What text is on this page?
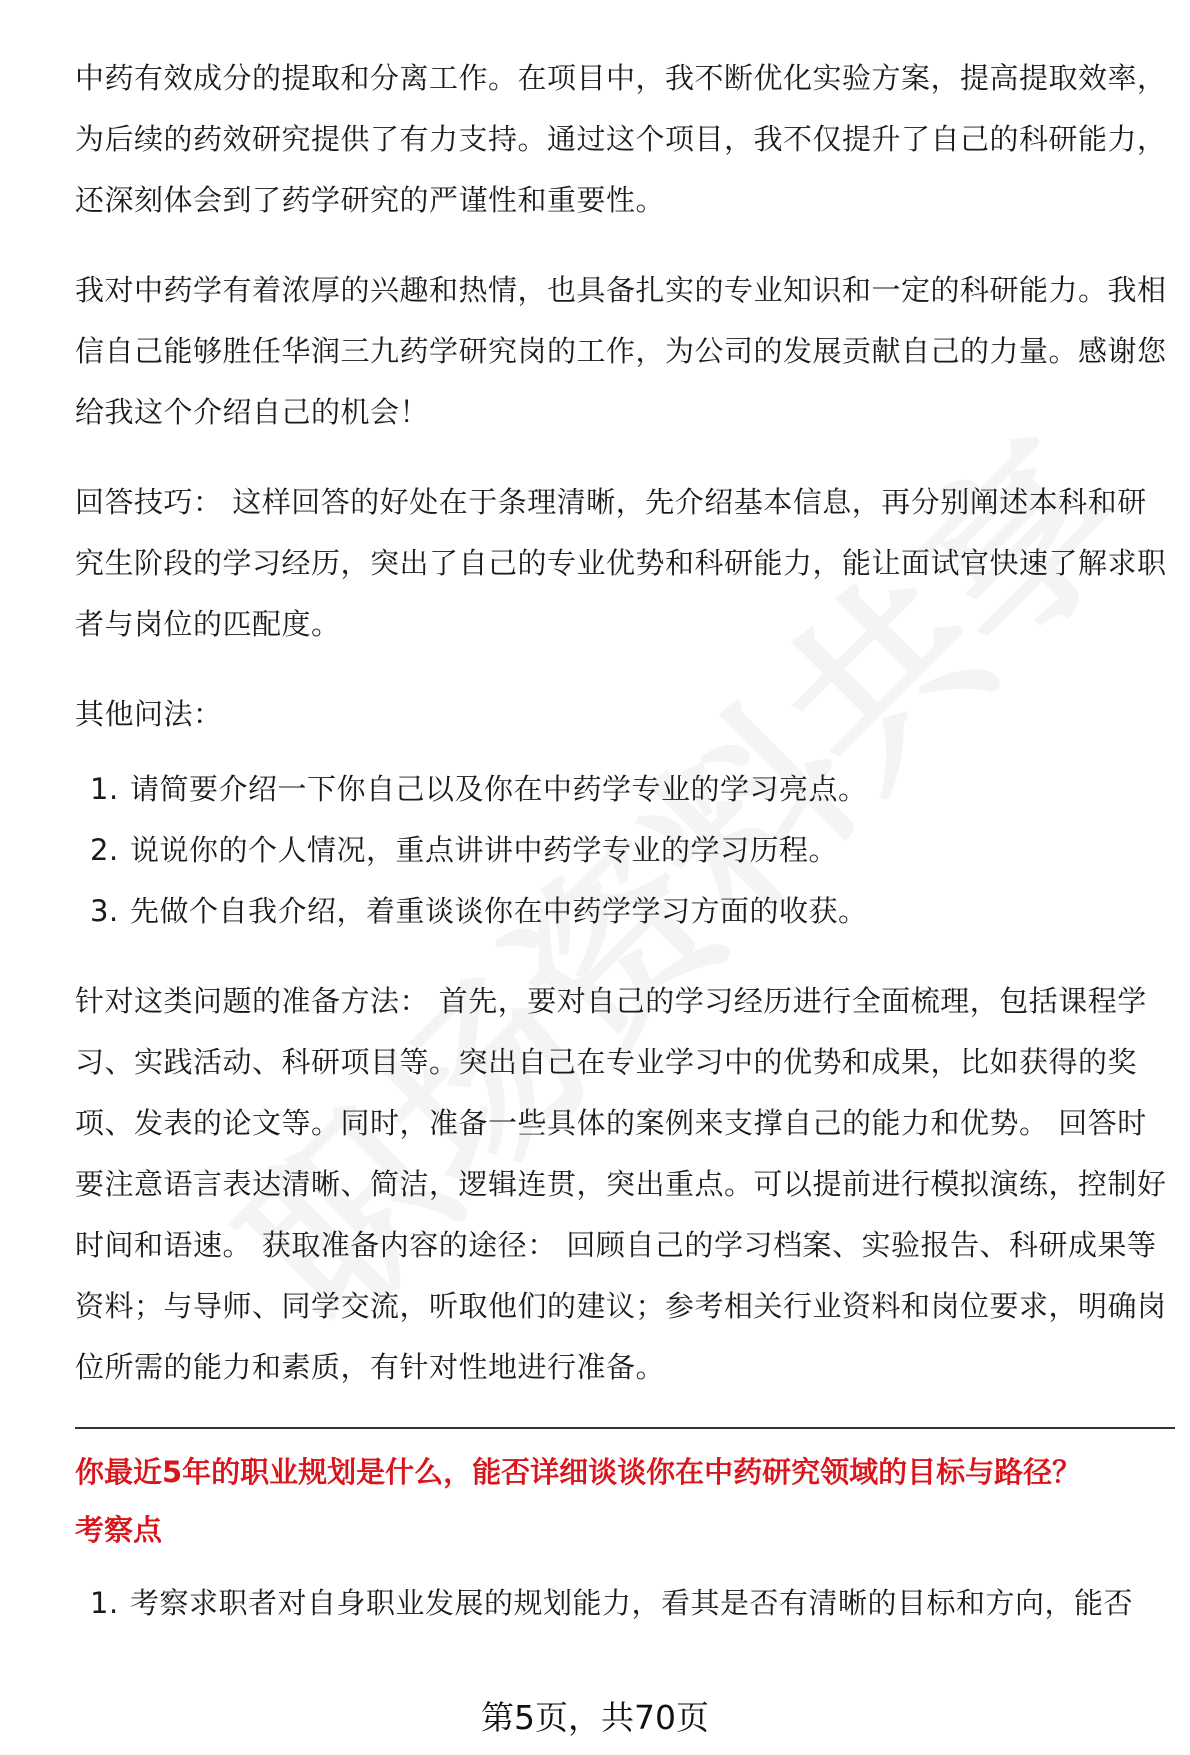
中药有效成分的提取和分离工作。在项目中，我不断优化实验方案，提高提取效率，为后续的药效研究提供了有力支持。通过这个项目，我不仅提升了自己的科研能力，还深刻体会到了药学研究的严谨性和重要性。

我对中药学有着浓厚的兴趣和热情，也具备扎实的专业知识和一定的科研能力。我相信自己能够胜任华润三九药学研究岗的工作，为公司的发展贡献自己的力量。感谢您给我这个介绍自己的机会！

回答技巧： 这样回答的好处在于条理清晰，先介绍基本信息，再分别阐述本科和研究生阶段的学习经历，突出了自己的专业优势和科研能力，能让面试官快速了解求职者与岗位的匹配度。

其他问法：

1. 请简要介绍一下你自己以及你在中药学专业的学习亮点。
2. 说说你的个人情况，重点讲讲中药学专业的学习历程。
3. 先做个自我介绍，着重谈谈你在中药学学习方面的收获。

针对这类问题的准备方法： 首先，要对自己的学习经历进行全面梳理，包括课程学习、实践活动、科研项目等。突出自己在专业学习中的优势和成果，比如获得的奖项、发表的论文等。同时，准备一些具体的案例来支撑自己的能力和优势。 回答时要注意语言表达清晰、简洁，逻辑连贯，突出重点。可以提前进行模拟演练，控制好时间和语速。 获取准备内容的途径： 回顾自己的学习档案、实验报告、科研成果等资料；与导师、同学交流，听取他们的建议；参考相关行业资料和岗位要求，明确岗位所需的能力和素质，有针对性地进行准备。

你最近5年的职业规划是什么，能否详细谈谈你在中药研究领域的目标与路径？
考察点
1. 考察求职者对自身职业发展的规划能力，看其是否有清晰的目标和方向，能否
第5页，共70页
